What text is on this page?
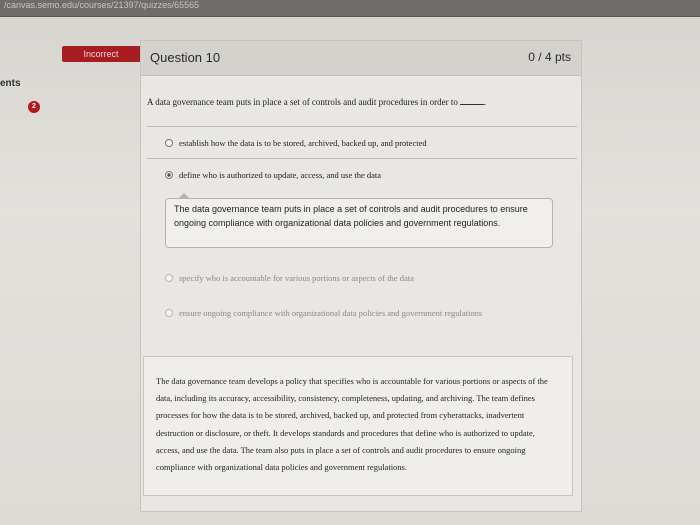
/canvas.semo.edu/courses/21397/quizzes/65565
ents
2
Incorrect	Question 10	0 / 4 pts
A data governance team puts in place a set of controls and audit procedures in order to	.
establish how the data is to be stored, archived, backed up, and protected
define who is authorized to update, access, and use the data
The data governance team puts in place a set of controls and audit procedures to ensure ongoing compliance with organizational data policies and government regulations.
specify who is accountable for various portions or aspects of the data
ensure ongoing compliance with organizational data policies and government regulations
The data governance team develops a policy that specifies who is accountable for various portions or aspects of the data, including its accuracy, accessibility, consistency, completeness, updating, and archiving. The team defines processes for how the data is to be stored, archived, backed up, and protected from cyberattacks, inadvertent destruction or disclosure, or theft. It develops standards and procedures that define who is authorized to update, access, and use the data. The team also puts in place a set of controls and audit procedures to ensure ongoing compliance with organizational data policies and government regulations.
